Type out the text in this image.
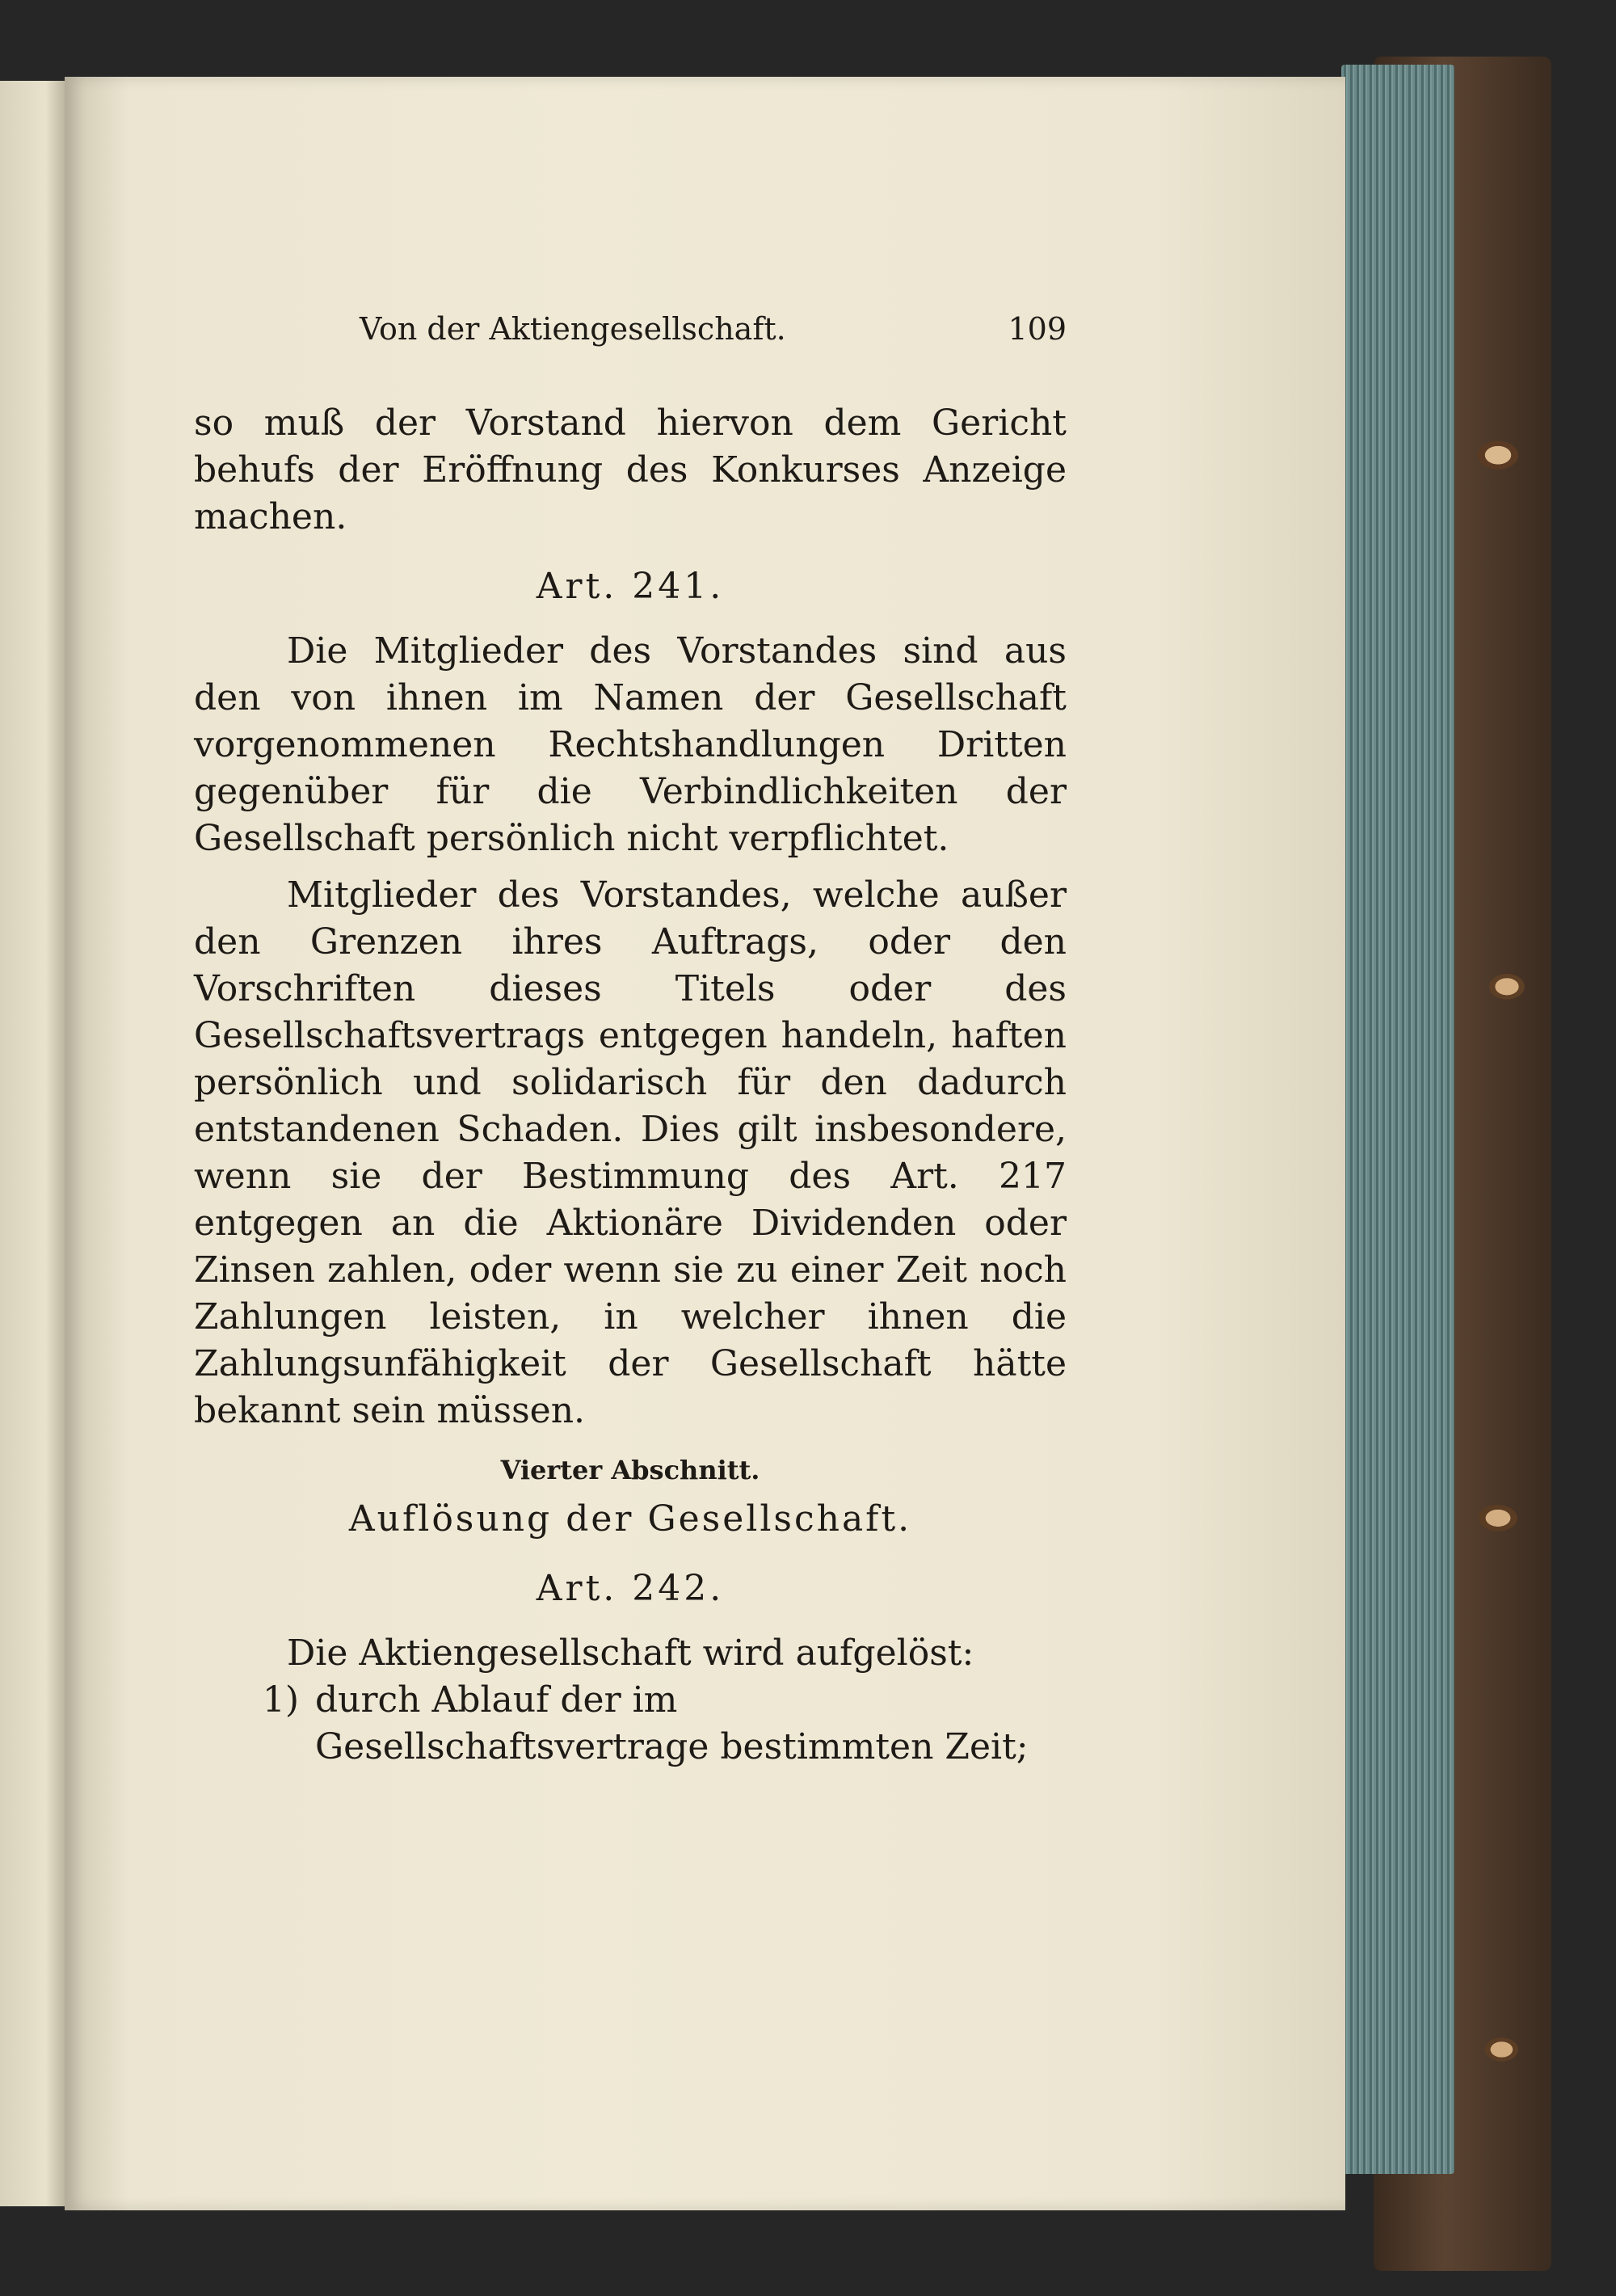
Von der Aktiengesellschaft.	109

so muß der Vorstand hiervon dem Gericht behufs der Eröffnung des Konkurses Anzeige machen.

Art. 241.

Die Mitglieder des Vorstandes sind aus den von ihnen im Namen der Gesellschaft vorgenommenen Rechtshandlungen Dritten gegenüber für die Verbindlichkeiten der Gesellschaft persönlich nicht verpflichtet.

Mitglieder des Vorstandes, welche außer den Grenzen ihres Auftrags, oder den Vorschriften dieses Titels oder des Gesellschaftsvertrags entgegen handeln, haften persönlich und solidarisch für den dadurch entstandenen Schaden. Dies gilt insbesondere, wenn sie der Bestimmung des Art. 217 entgegen an die Aktionäre Dividenden oder Zinsen zahlen, oder wenn sie zu einer Zeit noch Zahlungen leisten, in welcher ihnen die Zahlungsunfähigkeit der Gesellschaft hätte bekannt sein müssen.

Vierter Abschnitt.
Auflösung der Gesellschaft.
Art. 242.

Die Aktiengesellschaft wird aufgelöst:

1) durch Ablauf der im Gesellschaftsvertrage bestimmten Zeit;
